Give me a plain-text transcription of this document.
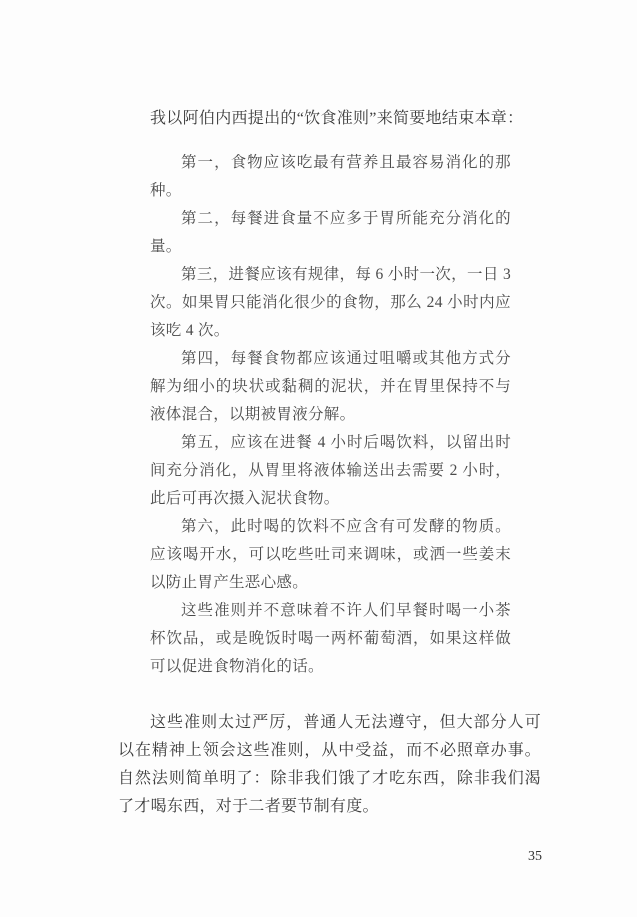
我以阿伯内西提出的“饮食准则”来简要地结束本章：

第一，食物应该吃最有营养且最容易消化的那种。

第二，每餐进食量不应多于胃所能充分消化的量。

第三，进餐应该有规律，每 6 小时一次，一日 3 次。如果胃只能消化很少的食物，那么 24 小时内应该吃 4 次。

第四，每餐食物都应该通过咀嚼或其他方式分解为细小的块状或黏稠的泥状，并在胃里保持不与液体混合，以期被胃液分解。

第五，应该在进餐 4 小时后喝饮料，以留出时间充分消化，从胃里将液体输送出去需要 2 小时，此后可再次摄入泥状食物。

第六，此时喝的饮料不应含有可发酵的物质。应该喝开水，可以吃些吐司来调味，或洒一些姜末以防止胃产生恶心感。

这些准则并不意味着不许人们早餐时喝一小茶杯饮品，或是晚饭时喝一两杯葡萄酒，如果这样做可以促进食物消化的话。

这些准则太过严厉，普通人无法遵守，但大部分人可以在精神上领会这些准则，从中受益，而不必照章办事。自然法则简单明了：除非我们饿了才吃东西，除非我们渴了才喝东西，对于二者要节制有度。

35
